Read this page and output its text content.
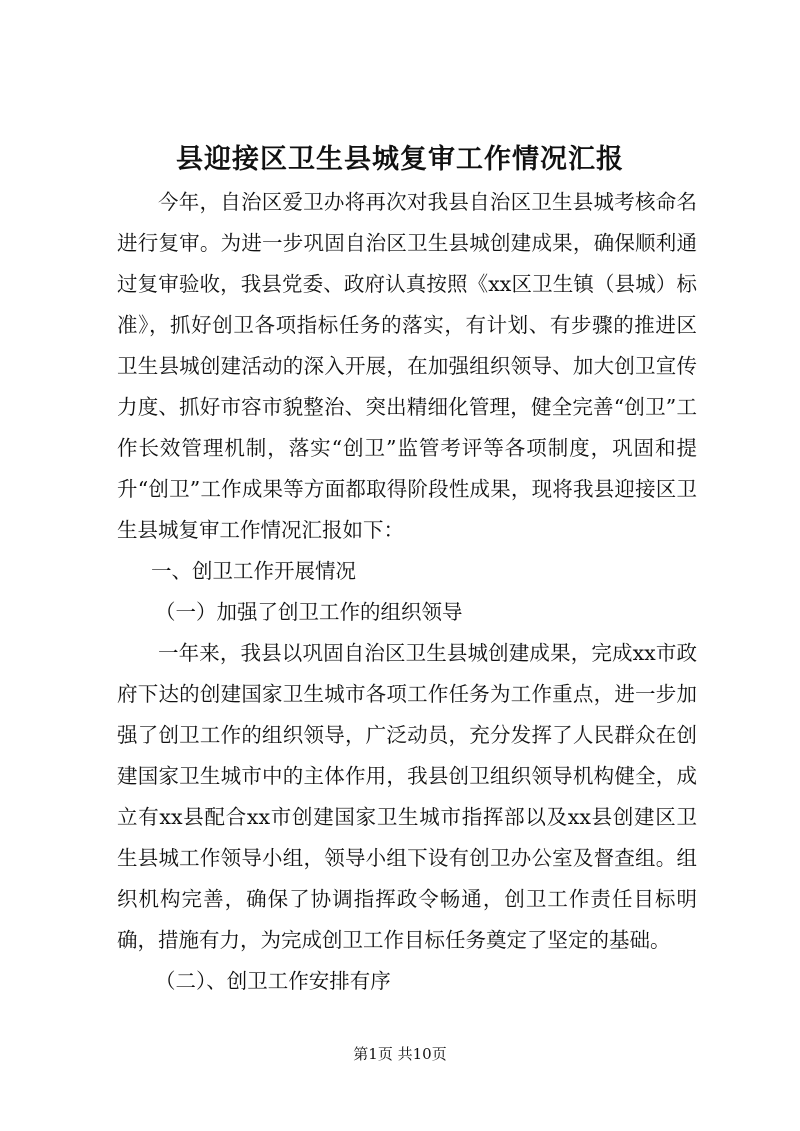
县迎接区卫生县城复审工作情况汇报

今年，自治区爱卫办将再次对我县自治区卫生县城考核命名进行复审。为进一步巩固自治区卫生县城创建成果，确保顺利通过复审验收，我县党委、政府认真按照《xx区卫生镇（县城）标准》，抓好创卫各项指标任务的落实，有计划、有步骤的推进区卫生县城创建活动的深入开展，在加强组织领导、加大创卫宣传力度、抓好市容市貌整治、突出精细化管理，健全完善“创卫”工作长效管理机制，落实“创卫”监管考评等各项制度，巩固和提升“创卫”工作成果等方面都取得阶段性成果，现将我县迎接区卫生县城复审工作情况汇报如下：

一、创卫工作开展情况

（一）加强了创卫工作的组织领导

一年来，我县以巩固自治区卫生县城创建成果，完成xx市政府下达的创建国家卫生城市各项工作任务为工作重点，进一步加强了创卫工作的组织领导，广泛动员，充分发挥了人民群众在创建国家卫生城市中的主体作用，我县创卫组织领导机构健全，成立有xx县配合xx市创建国家卫生城市指挥部以及xx县创建区卫生县城工作领导小组，领导小组下设有创卫办公室及督查组。组织机构完善，确保了协调指挥政令畅通，创卫工作责任目标明确，措施有力，为完成创卫工作目标任务奠定了坚定的基础。

（二）、创卫工作安排有序

第1页 共10页
